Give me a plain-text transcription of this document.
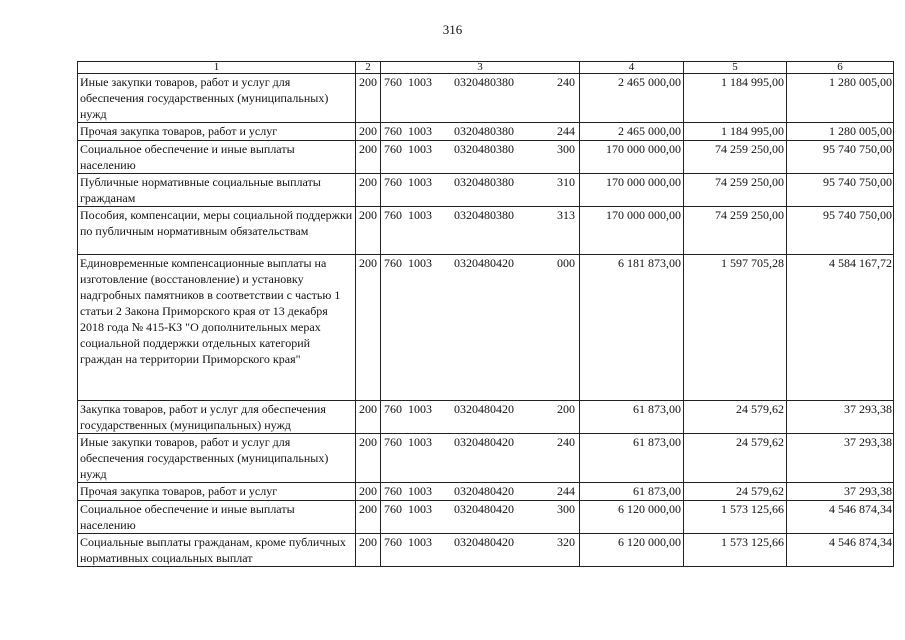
316
1	2	3	4	5	6
Иные закупки товаров, работ и услуг для обеспечения государственных (муниципальных) нужд	200	760 1003 0320480380 240	2 465 000,00	1 184 995,00	1 280 005,00
Прочая закупка товаров, работ и услуг	200	760 1003 0320480380 244	2 465 000,00	1 184 995,00	1 280 005,00
Социальное обеспечение и иные выплаты населению	200	760 1003 0320480380 300	170 000 000,00	74 259 250,00	95 740 750,00
Публичные нормативные социальные выплаты гражданам	200	760 1003 0320480380 310	170 000 000,00	74 259 250,00	95 740 750,00
Пособия, компенсации, меры социальной поддержки по публичным нормативным обязательствам	200	760 1003 0320480380 313	170 000 000,00	74 259 250,00	95 740 750,00
Единовременные компенсационные выплаты на изготовление (восстановление) и установку надгробных памятников в соответствии с частью 1 статьи 2 Закона Приморского края от 13 декабря 2018 года № 415-КЗ "О дополнительных мерах социальной поддержки отдельных категорий граждан на территории Приморского края"	200	760 1003 0320480420 000	6 181 873,00	1 597 705,28	4 584 167,72
Закупка товаров, работ и услуг для обеспечения государственных (муниципальных) нужд	200	760 1003 0320480420 200	61 873,00	24 579,62	37 293,38
Иные закупки товаров, работ и услуг для обеспечения государственных (муниципальных) нужд	200	760 1003 0320480420 240	61 873,00	24 579,62	37 293,38
Прочая закупка товаров, работ и услуг	200	760 1003 0320480420 244	61 873,00	24 579,62	37 293,38
Социальное обеспечение и иные выплаты населению	200	760 1003 0320480420 300	6 120 000,00	1 573 125,66	4 546 874,34
Социальные выплаты гражданам, кроме публичных нормативных социальных выплат	200	760 1003 0320480420 320	6 120 000,00	1 573 125,66	4 546 874,34
